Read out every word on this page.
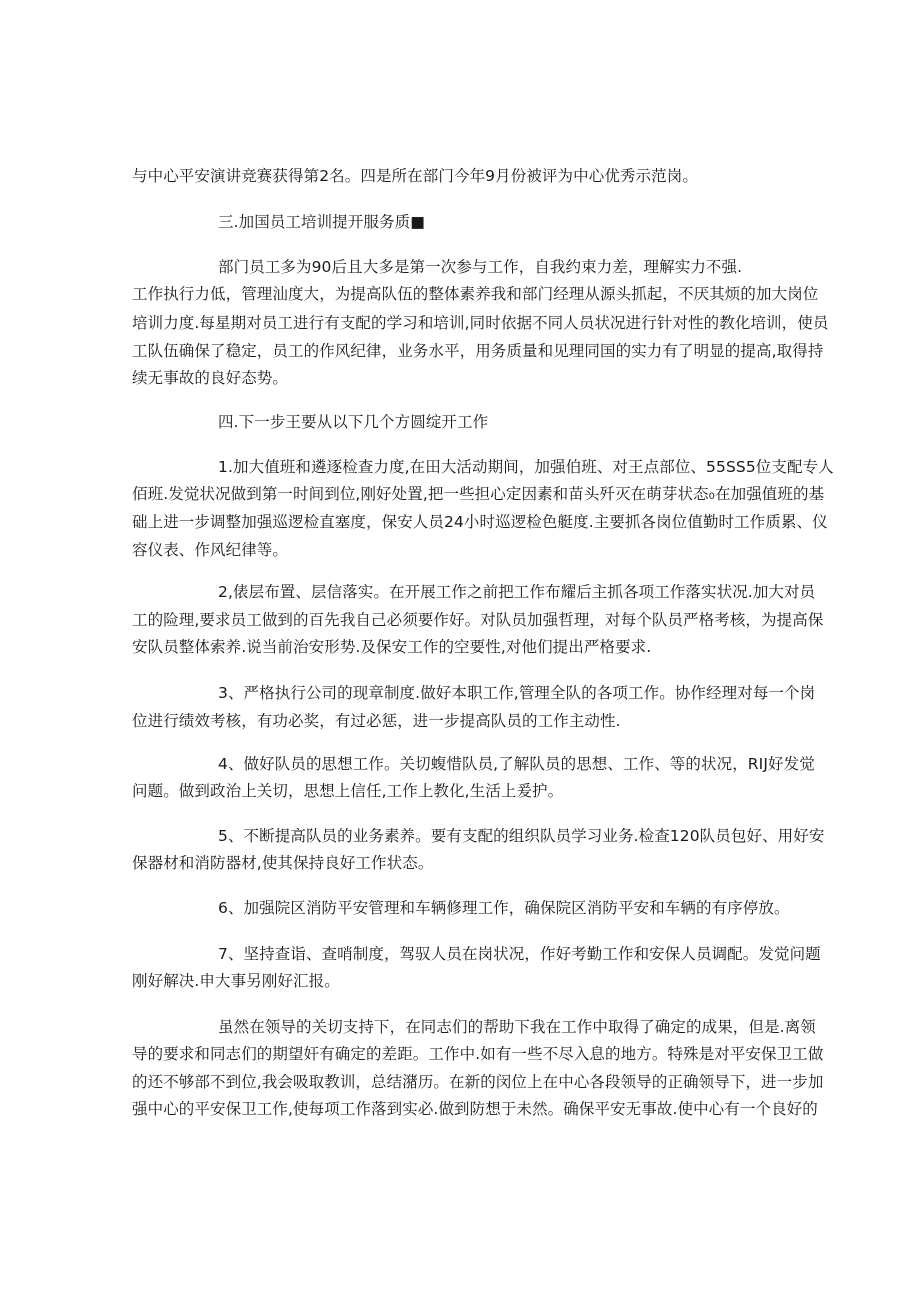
与中心平安演讲竞赛获得第2名。四是所在部门今年9月份被评为中心优秀示范岗。
三.加国员工培训提开服务质■
部门员工多为90后且大多是第一次参与工作，自我约束力差，理解实力不强.
工作执行力低，管理汕度大，为提高队伍的整体素养我和部门经理从源头抓起，不厌其烦的加大岗位
培训力度.每星期对员工进行有支配的学习和培训,同时依据不同人员状况进行针对性的教化培训，使员
工队伍确保了稳定，员工的作风纪律，业务水平，用务质量和见理同国的实力有了明显的提高,取得持
续无事故的良好态势。
四.下一步王要从以下几个方圆绽开工作
1.加大值班和遴逐检查力度,在田大活动期间，加强伯班、对王点部位、55SS5位支配专人
佰班.发觉状况做到第一时间到位,刚好处置,把一些担心定因素和苗头歼灭在萌芽状态₀在加强值班的基
础上进一步调整加强巡逻检直塞度，保安人员24小时巡逻检色艇度.主要抓各岗位值勤时工作质累、仪
容仪表、作风纪律等。
2,俵层布置、层信落实。在开展工作之前把工作布耀后主抓各项工作落实状况.加大对员
工的险理,要求员工做到的百先我自己必须要作好。对队员加强哲理，对每个队员严格考核，为提高保
安队员整体索养.说当前治安形势.及保安工作的空要性,对他们提出严格要求.
3、严格执行公司的现章制度.做好本职工作,管理全队的各项工作。协作经理对每一个岗
位进行绩效考核，有功必奖，有过必惩，进一步提高队员的工作主动性.
4、做好队员的思想工作。关切蝮惜队员,了解队员的思想、工作、等的状况，RIJ好发觉
问题。做到政治上关切，思想上信任,工作上教化,生活上爰护。
5、不断提高队员的业务素养。要有支配的组织队员学习业务.检查120队员包好、用好安
保器材和消防器材,使其保持良好工作状态。
6、加强院区消防平安管理和车辆修理工作，确保院区消防平安和车辆的有序停放。
7、坚持查诣、查哨制度，驾驭人员在岗状况，作好考勤工作和安保人员调配。发觉问题
刚好解决.申大事另刚好汇报。
虽然在领导的关切支持下，在同志们的帮助下我在工作中取得了确定的成果，但是.离领
导的要求和同志们的期望奸有确定的差距。工作中.如有一些不尽入息的地方。特殊是对平安保卫工做
的还不够部不到位,我会吸取教训，总结潴历。在新的闵位上在中心各段领导的正确领导下，进一步加
强中心的平安保卫工作,使每项工作落到实必.做到防想于未然。确保平安无事故.使中心有一个良好的
